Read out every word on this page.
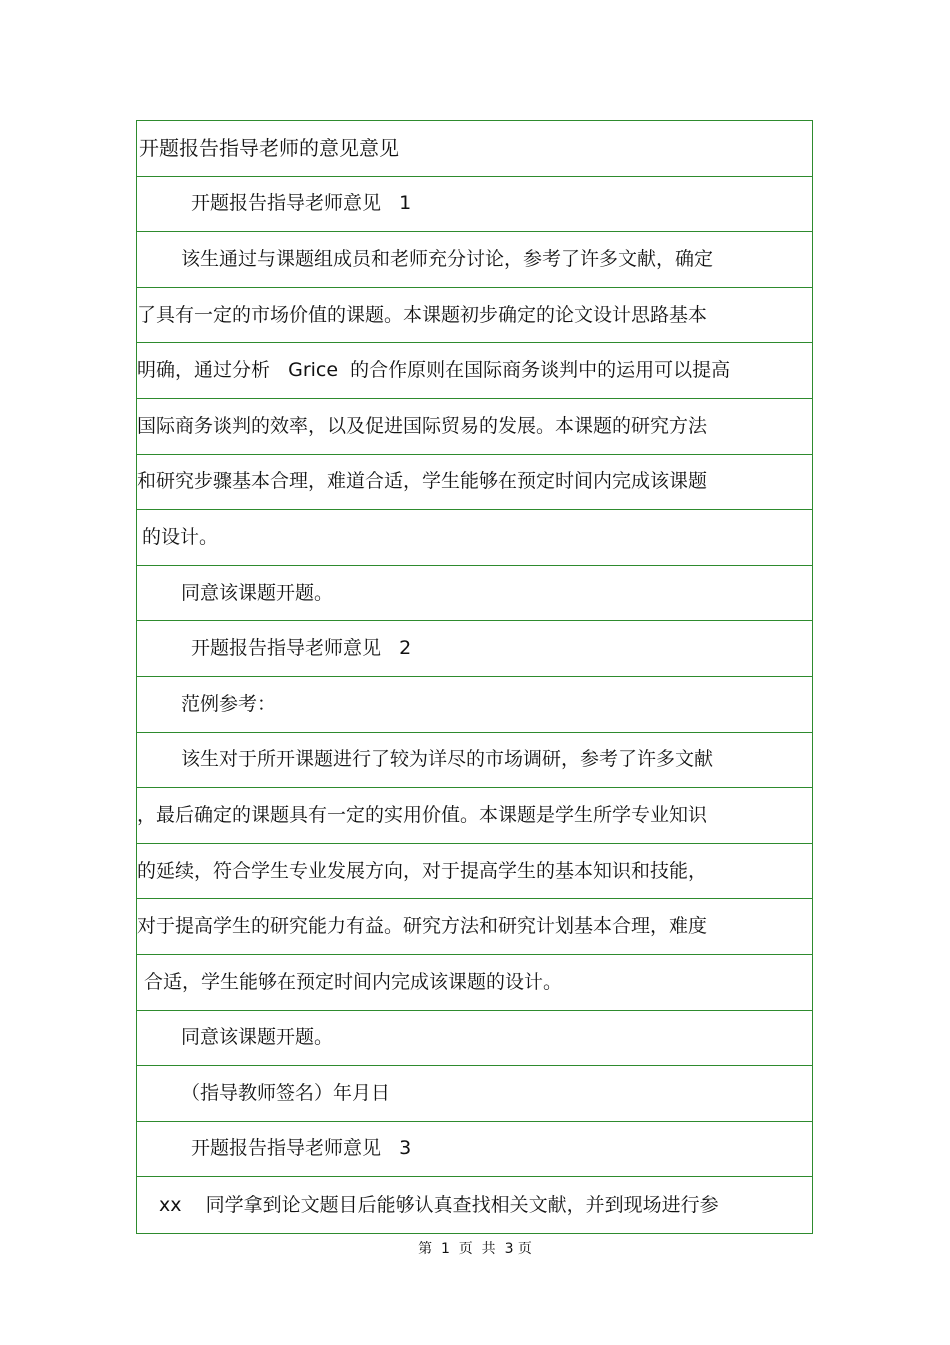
开题报告指导老师的意见意见
开题报告指导老师意见   1
该生通过与课题组成员和老师充分讨论，参考了许多文献，确定
了具有一定的市场价值的课题。本课题初步确定的论文设计思路基本
明确，通过分析   Grice  的合作原则在国际商务谈判中的运用可以提高
国际商务谈判的效率，以及促进国际贸易的发展。本课题的研究方法
和研究步骤基本合理，难道合适，学生能够在预定时间内完成该课题
的设计。
同意该课题开题。
开题报告指导老师意见   2
范例参考：
该生对于所开课题进行了较为详尽的市场调研，参考了许多文献
，最后确定的课题具有一定的实用价值。本课题是学生所学专业知识
的延续，符合学生专业发展方向，对于提高学生的基本知识和技能，
对于提高学生的研究能力有益。研究方法和研究计划基本合理，难度
合适，学生能够在预定时间内完成该课题的设计。
同意该课题开题。
（指导教师签名）年月日
开题报告指导老师意见   3
xx    同学拿到论文题目后能够认真查找相关文献，并到现场进行参
第  1  页  共  3 页
